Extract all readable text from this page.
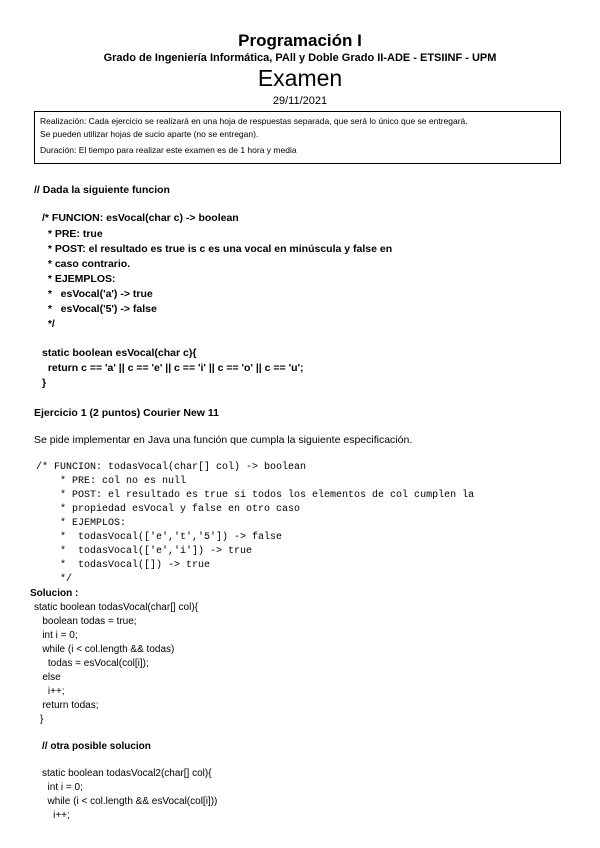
Programación I
Grado de Ingeniería Informática, PAll y Doble Grado II-ADE - ETSIINF - UPM
Examen
29/11/2021

Realización: Cada ejercicio se realizará en una hoja de respuestas separada, que será lo único que se entregará.

Se pueden utilizar hojas de sucio aparte (no se entregan).

Duración: El tiempo para realizar este examen es de 1 hora y media

// Dada la siguiente funcion
/* FUNCION: esVocal(char c) -> boolean
* PRE: true
* POST: el resultado es true is c es una vocal en minúscula y false en
* caso contrario.
* EJEMPLOS:
*   esVocal('a') -> true
*   esVocal('5') -> false
*/
static boolean esVocal(char c){
return c == 'a' || c == 'e' || c == 'i' || c == 'o' || c == 'u';
}
Ejercicio 1 (2 puntos) Courier New 11
Se pide implementar en Java una función que cumpla la siguiente especificación.
/* FUNCION: todasVocal(char[] col) -> boolean
* PRE: col no es null
* POST: el resultado es true si todos los elementos de col cumplen la
* propiedad esVocal y false en otro caso
* EJEMPLOS:
*  todasVocal(['e','t','5']) -> false
*  todasVocal(['e','i']) -> true
*  todasVocal([]) -> true
*/
Solucion :
static boolean todasVocal(char[] col){
boolean todas = true;
int i = 0;
while (i < col.length && todas)
todas = esVocal(col[i]);
else
i++;
return todas;
}
// otra posible solucion
static boolean todasVocal2(char[] col){
int i = 0;
while (i < col.length && esVocal(col[i]))
i++;
